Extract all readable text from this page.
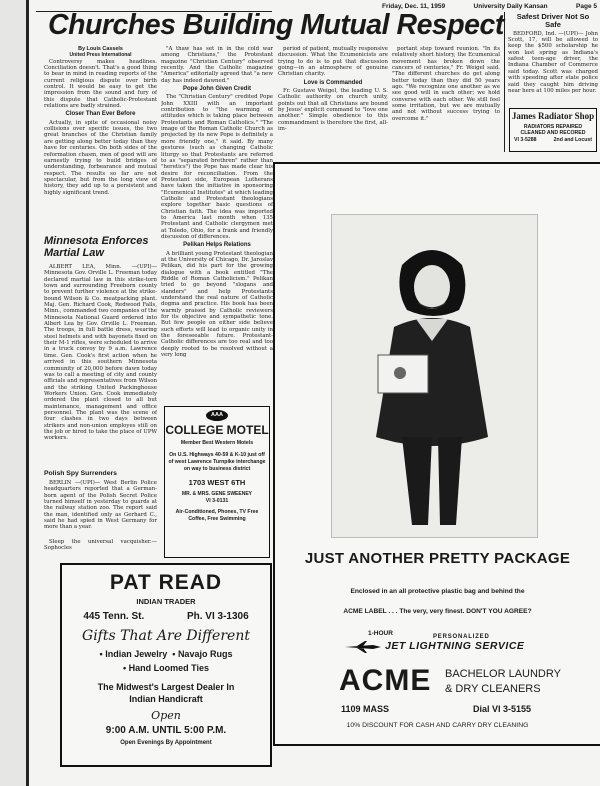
Friday, Dec. 11, 1959	University Daily Kansan	Page 5
Churches Building Mutual Respect

By Louis Cassels

United Press International

Controversy makes headlines. Conciliation doesn't. That's a good thing to bear in mind in reading reports of the current religious dispute over birth control. It would be easy to get the impression from the sound and fury of this dispute that Catholic-Protestant relations are badly strained.

Closer Than Ever Before

Actually, in spite of occasional noisy collisions over specific issues, the two great branches of the Christian family are getting along better today than they have for centuries. On both sides of the reformation chasm, men of good will are earnestly trying to build bridges of understanding, forbearance and mutual respect. The results so far are not spectacular, but from the long view of history, they add up to a persistent and highly significant trend.

"A thaw has set in in the cold war among Christians," the Protestant magazine "Christian Century" observed recently. And the Catholic magazine "America" editorially agreed that "a new day has indeed dawned."

Pope John Given Credit

The "Christian Century" credited Pope John XXIII with an important contribution to "the warming of attitudes which is taking place between Protestants and Roman Catholics." "The image of the Roman Catholic Church as projected by its new Pope is definitely a more friendly one," it said. By many gestures (such as changing Catholic liturgy so that Protestants are referred to as "separated brethren" rather than "heretics") the Pope has made clear his desire for reconciliation. From the Protestant side, European Lutherans have taken the initiative in sponsoring "Ecumenical Institutes" at which leading Catholic and Protestant theologians explore together basic questions of Christian faith. The idea was imported to America last month when 135 Protestant and Catholic clergymen met at Toledo, Ohio, for a frank and friendly discussion of differences.

Pelikan Helps Relations

A brilliant young Protestant theologian at the University of Chicago, Dr. Jaroslav Pelikan, did his part for the growing dialogue with a book entitled "The Riddle of Roman Catholicism." Pelikan tried to go beyond "slogans and slanders" and help Protestants understand the real nature of Catholic dogma and practice. His book has been warmly praised by Catholic reviewers for its objective and sympathetic tone. But few people on either side believe such efforts will lead to organic unity in the foreseeable future. Protestant-Catholic differences are too real and too deeply rooted to be resolved without a very long

period of patient, mutually responsive discussion. What the Ecumenicists are trying to do is to put that discussion going—in an atmosphere of genuine Christian charity.

Love is Commanded

Fr. Gustave Weigel, the leading U. S. Catholic authority on church unity, points out that all Christians are bound by Jesus' explicit command to "love one another." Simple obedience to this commandment is therefore the first, all-im-

portant step toward reunion. "In its relatively short history, the Ecumenical movement has broken down the cancers of centuries," Fr. Weigel said. "The different churches do get along better today than they did 50 years ago. "We recognize one another as we see good will in each other; we hold converse with each other. We still feel some irritation, but we are mutually and not without success trying to overcome it."

Safest Driver Not So Safe

BEDFORD, Ind. —(UPI)— John Scott, 17, will be allowed to keep the $500 scholarship he won last spring as Indiana's safest teen-age driver, the Indiana Chamber of Commerce said today. Scott was charged with speeding after state police said they caught him driving near here at 100 miles per hour.

James Radiator Shop
RADIATORS REPAIRED
CLEANED AND RECORED
VI 3-5288	2nd and Locust
Minnesota Enforces Martial Law

ALBERT LEA, Minn. —(UPI)— Minnesota Gov. Orville L. Freeman today declared martial law in this strike-torn town and surrounding Freeborn county to prevent further violence at the strike-bound Wilson & Co. meatpacking plant. Maj. Gen. Richard Cook, Redwood Falls, Minn., commanded two companies of the Minnesota National Guard ordered into Albert Lea by Gov. Orville L. Freeman. The troops, in full battle dress, wearing steel helmets and with bayonets fixed on their M-1 rifles, were scheduled to arrive in a truck convoy by 9 a.m. Lawrence time. Gen. Cook's first action when he arrived in this southern Minnesota community of 20,000 before dawn today was to call a meeting of city and county officials and representatives from Wilson and the striking United Packinghouse Workers Union. Gen. Cook immediately ordered the plant closed to all but maintenance, management and office personnel. The plant was the scene of four clashes in two days between strikers and non-union employes still on the job or hired to take the place of UPW workers.

Polish Spy Surrenders

BERLIN —(UPI)— West Berlin Police headquarters reported that a German-born agent of the Polish Secret Police turned himself in yesterday to guards at the railway station zoo. The report said the man, identified only as Gerhard C., said he had spied in West Germany for more than a year.

Sleep the universal vacquisher.—Sophocles

AAA
COLLEGE MOTEL
Member Best Western Motels
On U.S. Highways 40-59 & K-10 just off of west Lawrence Turnpike interchange on way to business district
1703 WEST 6TH
MR. & MRS. GENE SWEENEY
VI 3-0131
Air-Conditioned, Phones, TV Free Coffee, Free Swimming
PAT READ
INDIAN TRADER
445 Tenn. St.	Ph. VI 3-1306
Gifts That Are Different
• Indian Jewelry • Navajo Rugs
• Hand Loomed Ties
The Midwest's Largest Dealer In
Indian Handicraft
Open
9:00 A.M. UNTIL 5:00 P.M.
Open Evenings By Appointment
JUST ANOTHER PRETTY PACKAGE
Enclosed in an all protective plastic bag and behind the
ACME LABEL . . . The very, very finest. DON'T YOU AGREE?
1-HOUR	PERSONALIZED
JET LIGHTNING SERVICE
ACME BACHELOR LAUNDRY
& DRY CLEANERS
1109 MASS	Dial VI 3-5155
10% DISCOUNT FOR CASH AND CARRY DRY CLEANING
